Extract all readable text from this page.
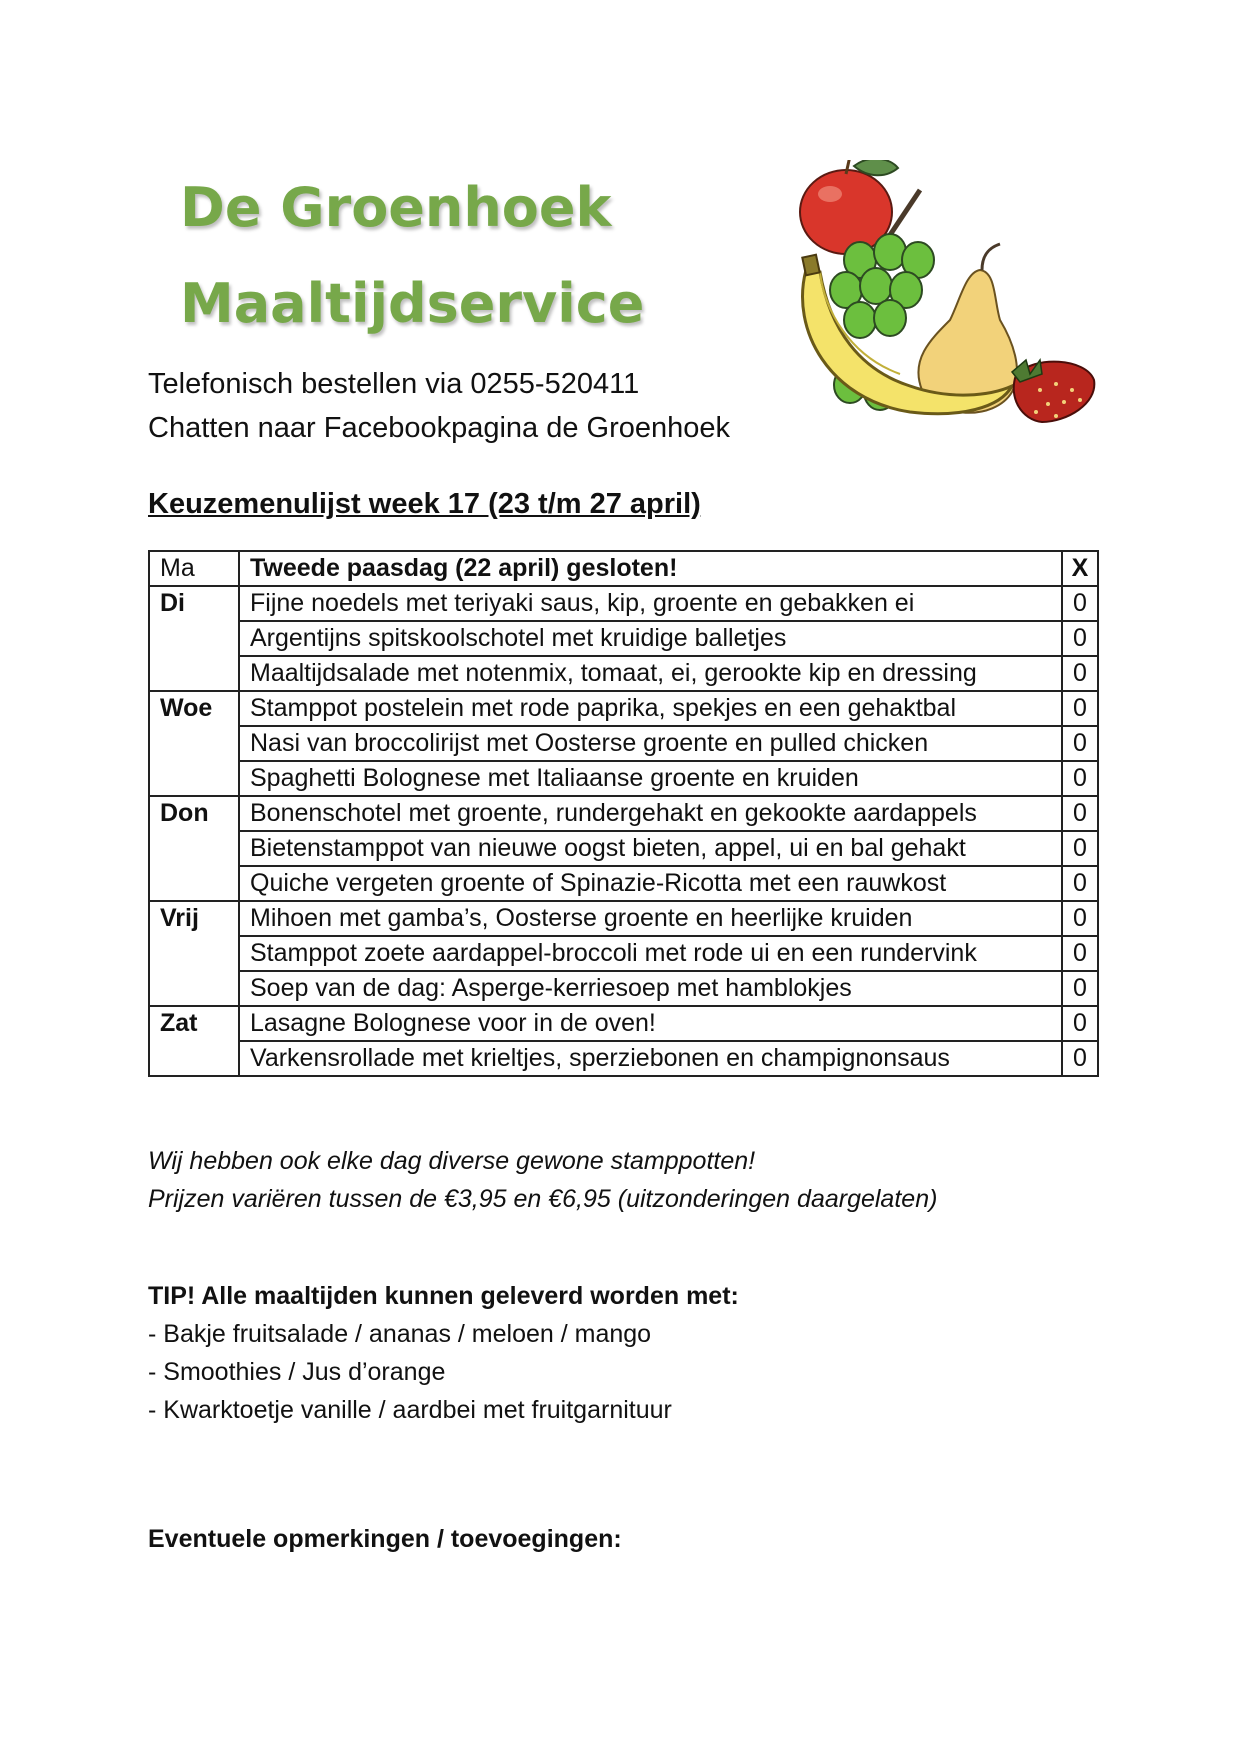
De Groenhoek
Maaltijdservice
Telefonisch bestellen via 0255-520411
Chatten naar Facebookpagina de Groenhoek
Keuzemenulijst week 17 (23 t/m 27 april)
Ma	Tweede paasdag (22 april) gesloten!	X
Di	Fijne noedels met teriyaki saus, kip, groente en gebakken ei	0
	Argentijns spitskoolschotel met kruidige balletjes	0
	Maaltijdsalade met notenmix, tomaat, ei, gerookte kip en dressing	0
Woe	Stamppot postelein met rode paprika, spekjes en een gehaktbal	0
	Nasi van broccolirijst met Oosterse groente en pulled chicken	0
	Spaghetti Bolognese met Italiaanse groente en kruiden	0
Don	Bonenschotel met groente, rundergehakt en gekookte aardappels	0
	Bietenstamppot van nieuwe oogst bieten, appel, ui en bal gehakt	0
	Quiche vergeten groente of Spinazie-Ricotta met een rauwkost	0
Vrij	Mihoen met gamba’s, Oosterse groente en heerlijke kruiden	0
	Stamppot zoete aardappel-broccoli met rode ui en een rundervink	0
	Soep van de dag: Asperge-kerriesoep met hamblokjes	0
Zat	Lasagne Bolognese voor in de oven!	0
	Varkensrollade met krieltjes, sperziebonen en champignonsaus	0
Wij hebben ook elke dag diverse gewone stamppotten!
Prijzen variëren tussen de €3,95 en €6,95 (uitzonderingen daargelaten)
TIP! Alle maaltijden kunnen geleverd worden met:
- Bakje fruitsalade / ananas / meloen / mango
- Smoothies / Jus d’orange
- Kwarktoetje vanille / aardbei met fruitgarnituur
Eventuele opmerkingen / toevoegingen:
